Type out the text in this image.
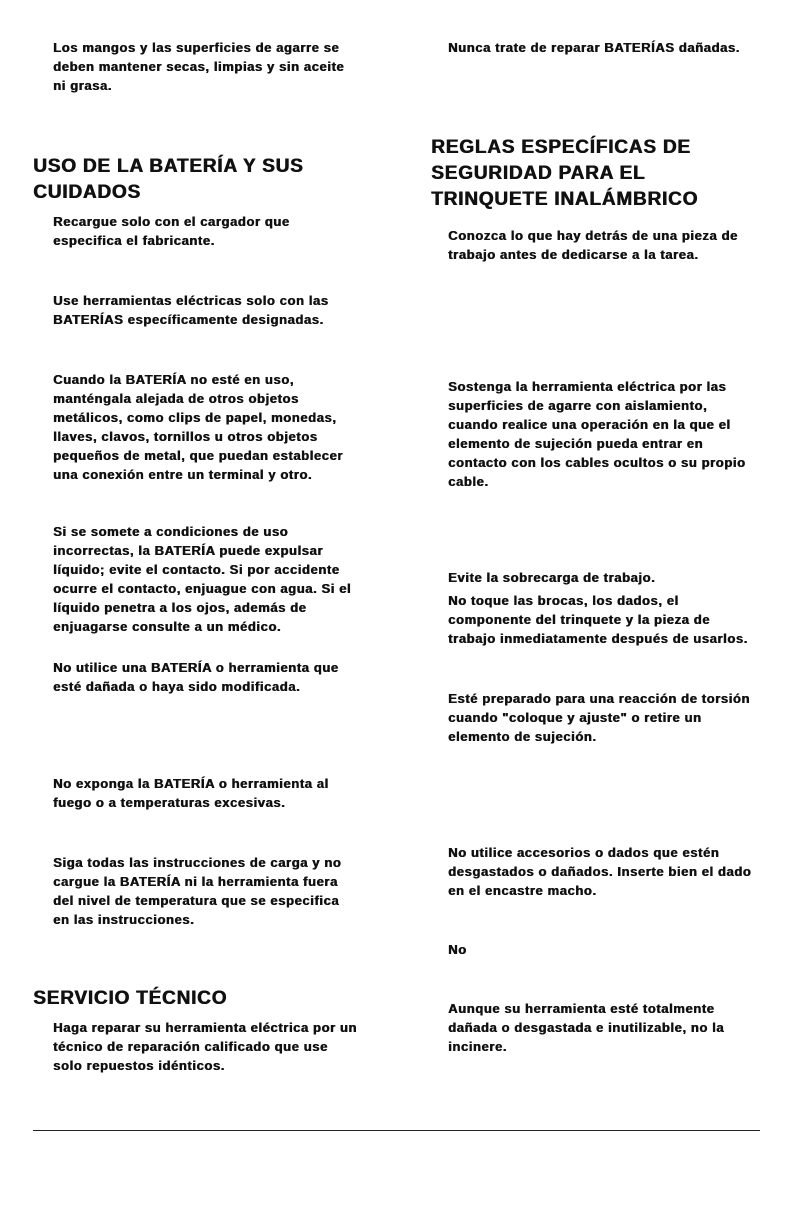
Los mangos y las superficies de agarre se deben mantener secas, limpias y sin aceite ni grasa.

USO DE LA BATERÍA Y SUS CUIDADOS

Recargue solo con el cargador que especifica el fabricante.

Use herramientas eléctricas solo con las BATERÍAS específicamente designadas.

Cuando la BATERÍA no esté en uso, manténgala alejada de otros objetos metálicos, como clips de papel, monedas, llaves, clavos, tornillos u otros objetos pequeños de metal, que puedan establecer una conexión entre un terminal y otro.

Si se somete a condiciones de uso incorrectas, la BATERÍA puede expulsar líquido; evite el contacto. Si por accidente ocurre el contacto, enjuague con agua. Si el líquido penetra a los ojos, además de enjuagarse consulte a un médico.

No utilice una BATERÍA o herramienta que esté dañada o haya sido modificada.

No exponga la BATERÍA o herramienta al fuego o a temperaturas excesivas.

Siga todas las instrucciones de carga y no cargue la BATERÍA ni la herramienta fuera del nivel de temperatura que se especifica en las instrucciones.

SERVICIO TÉCNICO

Haga reparar su herramienta eléctrica por un técnico de reparación calificado que use solo repuestos idénticos.

Nunca trate de reparar BATERÍAS dañadas.

REGLAS ESPECÍFICAS DE SEGURIDAD PARA EL TRINQUETE INALÁMBRICO

Conozca lo que hay detrás de una pieza de trabajo antes de dedicarse a la tarea.

Sostenga la herramienta eléctrica por las superficies de agarre con aislamiento, cuando realice una operación en la que el elemento de sujeción pueda entrar en contacto con los cables ocultos o su propio cable.

Evite la sobrecarga de trabajo.

No toque las brocas, los dados, el componente del trinquete y la pieza de trabajo inmediatamente después de usarlos.

Esté preparado para una reacción de torsión cuando "coloque y ajuste" o retire un elemento de sujeción.

No utilice accesorios o dados que estén desgastados o dañados. Inserte bien el dado en el encastre macho.

No

Aunque su herramienta esté totalmente dañada o desgastada e inutilizable, no la incinere.
